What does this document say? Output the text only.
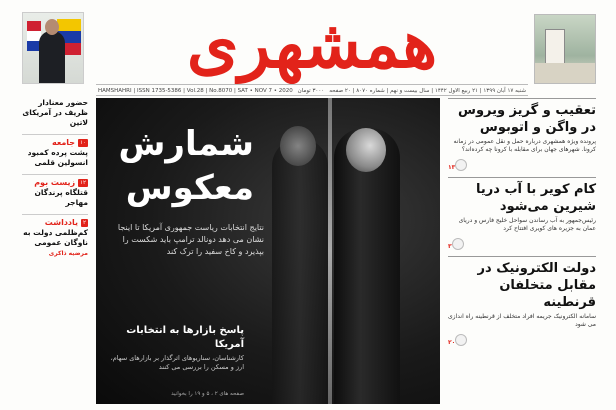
همشهری
شنبه ۱۷ آبان ۱۳۹۹ | ۲۱ ربیع الاول ۱۴۴۲ | سال بیست و نهم | شماره ۸۰۷۰ | ۲۰ صفحه
۳۰۰۰ تومان
HAMSHAHRI | ISSN 1735-5386 | Vol.28 | No.8070 | SAT • NOV 7 • 2020
شمارش معکوس
نتایج انتخابات ریاست جمهوری آمریکا تا اینجا نشان می دهد دونالد ترامپ باید شکست را بپذیرد و کاخ سفید را ترک کند
پاسخ بازارها به انتخابات آمریکا
کارشناسان، سناریوهای اثرگذار بر بازارهای سهام، ارز و مسکن را بررسی می کنند
صفحه های ۲ ، ۵ و ۱۹ را بخوانید
حضور معنادار ظریف در آمریکای لاتین
۱۰
جامعه
پشت پرده کمبود انسولین قلمی
۱۲
زیست بوم
قتلگاه پرندگان مهاجر
۲
یادداشت
کم‌ظلمی دولت به ناوگان عمومی
مرضیه ذاکری
تعقیب و گریز ویروس در واگن و اتوبوس
پرونده ویژه همشهری درباره حمل و نقل عمومی در زمانه کرونا. شهرهای جهان برای مقابله با کرونا چه کرده‌اند؟
۱۳
کام کویر با آب دریا شیرین می‌شود
رئیس‌جمهور به آب رساندن سواحل خلیج فارس و دریای عمان به جزیره های کویری افتتاح کرد
۳
دولت الکترونیک در مقابل متخلفان قرنطینه
سامانه الکترونیک جریمه افراد متخلف از قرنطینه راه اندازی می شود
۲۰
